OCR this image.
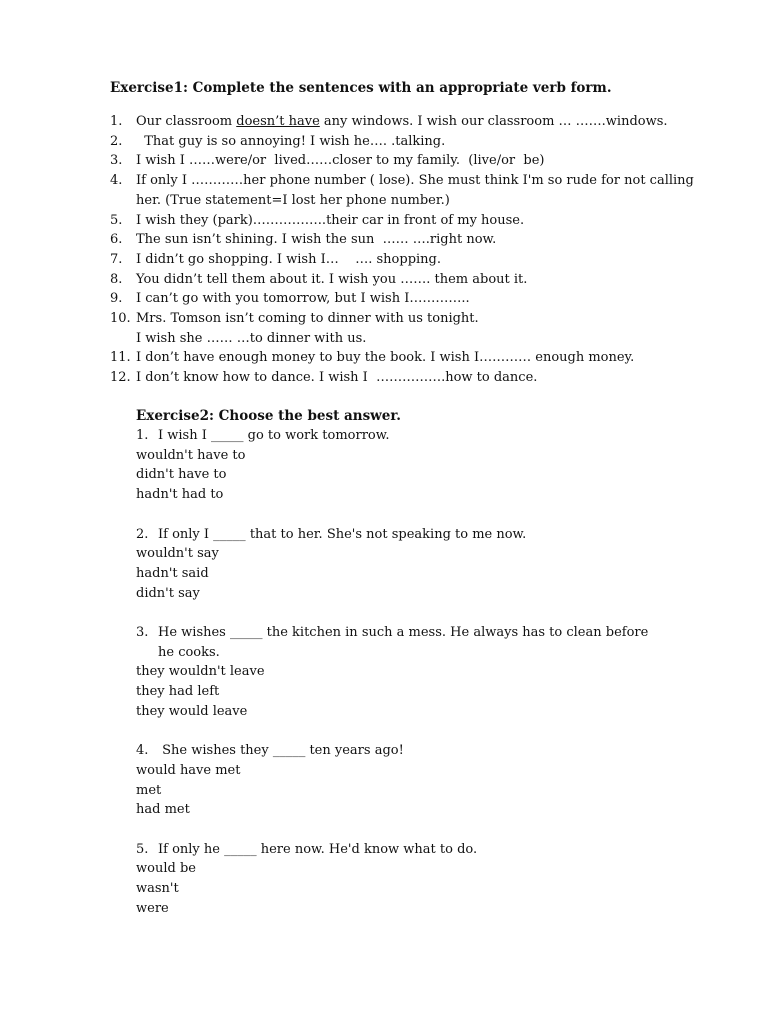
Exercise1: Complete the sentences with an appropriate verb form.
1.	Our classroom doesn’t have any windows. I wish our classroom … …….windows.
2.	That guy is so annoying! I wish he…. .talking.
3.	I wish I ……were/or  lived……closer to my family.  (live/or  be)
4.	If only I …………her phone number ( lose). She must think I'm so rude for not calling her. (True statement=I lost her phone number.)
5.	I wish they (park)……………..their car in front of my house.
6.	The sun isn’t shining. I wish the sun  …… ….right now.
7.	I didn’t go shopping. I wish I…    …. shopping.
8.	You didn’t tell them about it. I wish you ……. them about it.
9.	I can’t go with you tomorrow, but I wish I…………..
10. Mrs. Tomson isn’t coming to dinner with us tonight.
I wish she …… …to dinner with us.
11. I don’t have enough money to buy the book. I wish I………… enough money.
12. I don’t know how to dance. I wish I  …………….how to dance.
Exercise2: Choose the best answer.
1. I wish I _____ go to work tomorrow.
wouldn't have to
didn't have to
hadn't had to
2. If only I _____ that to her. She's not speaking to me now.
wouldn't say
hadn't said
didn't say
3. He wishes _____ the kitchen in such a mess. He always has to clean before he cooks.
they wouldn't leave
they had left
they would leave
4. She wishes they _____ ten years ago!
would have met
met
had met
5. If only he _____ here now. He'd know what to do.
would be
wasn't
were
